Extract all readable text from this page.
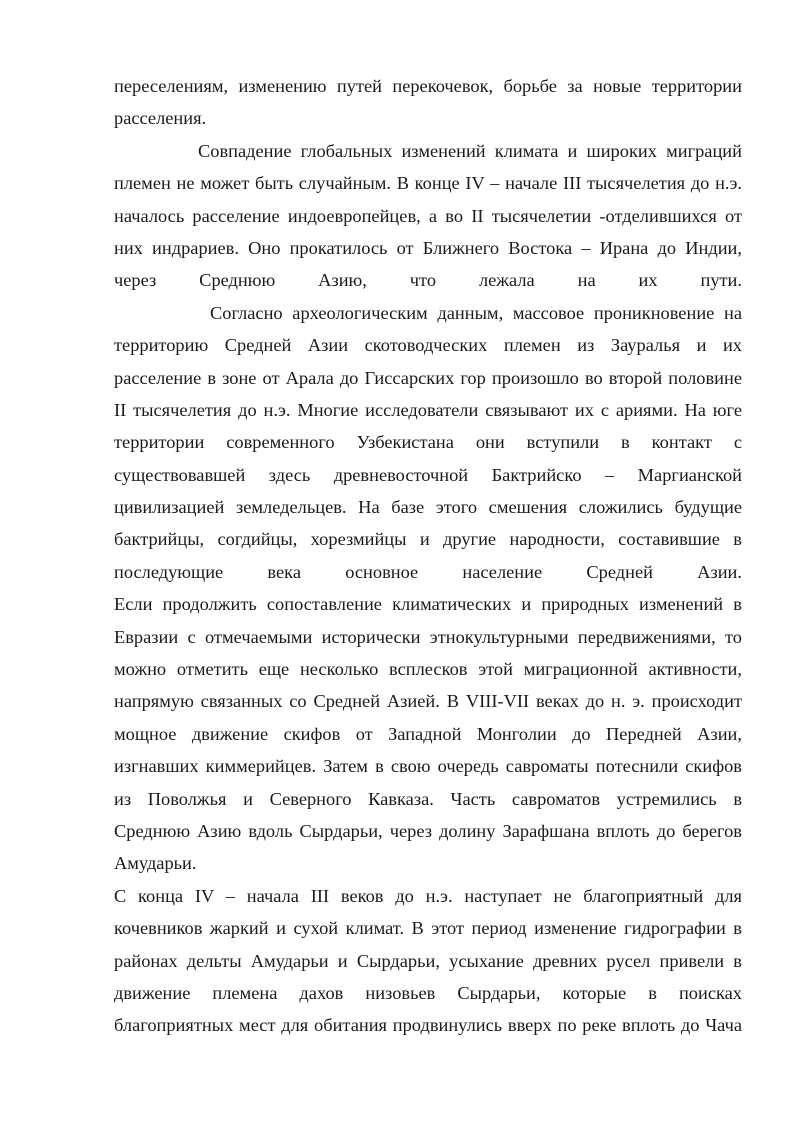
переселениям, изменению путей перекочевок, борьбе за новые территории
расселения.
Совпадение глобальных изменений климата и широких миграций
племен не может быть случайным. В конце IV – начале III тысячелетия до н.э.
началось расселение индоевропейцев, а во II тысячелетии -отделившихся от
них индрариев. Оно прокатилось от Ближнего Востока – Ирана до Индии,
через Среднюю Азию, что лежала на их пути.
Согласно археологическим данным, массовое проникновение на
территорию Средней Азии скотоводческих племен из Зауралья и их
расселение в зоне от Арала до Гиссарских гор произошло во второй половине
II тысячелетия до н.э. Многие исследователи связывают их с ариями. На юге
территории современного Узбекистана они вступили в контакт с
существовавшей здесь древневосточной Бактрийско – Маргианской
цивилизацией земледельцев. На базе этого смешения сложились будущие
бактрийцы, согдийцы, хорезмийцы и другие народности, составившие в
последующие века основное население Средней Азии.
Если продолжить сопоставление климатических и природных изменений в
Евразии с отмечаемыми исторически этнокультурными передвижениями, то
можно отметить еще несколько всплесков этой миграционной активности,
напрямую связанных со Средней Азией. В VIII-VII веках до н. э. происходит
мощное движение скифов от Западной Монголии до Передней Азии,
изгнавших киммерийцев. Затем в свою очередь савроматы потеснили скифов
из Поволжья и Северного Кавказа. Часть савроматов устремились в
Среднюю Азию вдоль Сырдарьи, через долину Зарафшана вплоть до берегов
Амударьи.
С конца IV – начала III веков до н.э. наступает не благоприятный для
кочевников жаркий и сухой климат. В этот период изменение гидрографии в
районах дельты Амударьи и Сырдарьи, усыхание древних русел привели в
движение племена дахов низовьев Сырдарьи, которые в поисках
благоприятных мест для обитания продвинулись вверх по реке вплоть до Чача
